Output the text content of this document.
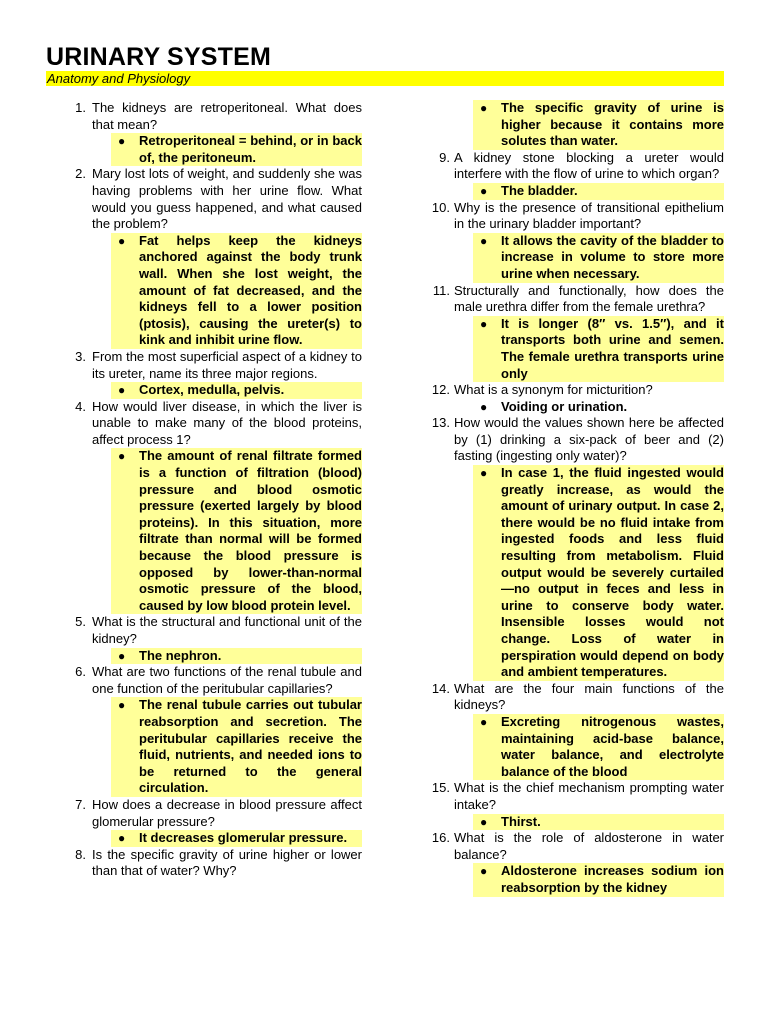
URINARY SYSTEM
Anatomy and Physiology
1. The kidneys are retroperitoneal. What does that mean?
● Retroperitoneal = behind, or in back of, the peritoneum.
2. Mary lost lots of weight, and suddenly she was having problems with her urine flow. What would you guess happened, and what caused the problem?
● Fat helps keep the kidneys anchored against the body trunk wall. When she lost weight, the amount of fat decreased, and the kidneys fell to a lower position (ptosis), causing the ureter(s) to kink and inhibit urine flow.
3. From the most superficial aspect of a kidney to its ureter, name its three major regions.
● Cortex, medulla, pelvis.
4. How would liver disease, in which the liver is unable to make many of the blood proteins, affect process 1?
● The amount of renal filtrate formed is a function of filtration (blood) pressure and blood osmotic pressure (exerted largely by blood proteins). In this situation, more filtrate than normal will be formed because the blood pressure is opposed by lower-than-normal osmotic pressure of the blood, caused by low blood protein level.
5. What is the structural and functional unit of the kidney?
● The nephron.
6. What are two functions of the renal tubule and one function of the peritubular capillaries?
● The renal tubule carries out tubular reabsorption and secretion. The peritubular capillaries receive the fluid, nutrients, and needed ions to be returned to the general circulation.
7. How does a decrease in blood pressure affect glomerular pressure?
● It decreases glomerular pressure.
8. Is the specific gravity of urine higher or lower than that of water? Why?
● The specific gravity of urine is higher because it contains more solutes than water.
9. A kidney stone blocking a ureter would interfere with the flow of urine to which organ?
● The bladder.
10. Why is the presence of transitional epithelium in the urinary bladder important?
● It allows the cavity of the bladder to increase in volume to store more urine when necessary.
11. Structurally and functionally, how does the male urethra differ from the female urethra?
● It is longer (8″ vs. 1.5″), and it transports both urine and semen. The female urethra transports urine only
12. What is a synonym for micturition?
● Voiding or urination.
13. How would the values shown here be affected by (1) drinking a six-pack of beer and (2) fasting (ingesting only water)?
● In case 1, the fluid ingested would greatly increase, as would the amount of urinary output. In case 2, there would be no fluid intake from ingested foods and less fluid resulting from metabolism. Fluid output would be severely curtailed—no output in feces and less in urine to conserve body water. Insensible losses would not change. Loss of water in perspiration would depend on body and ambient temperatures.
14. What are the four main functions of the kidneys?
● Excreting nitrogenous wastes, maintaining acid-base balance, water balance, and electrolyte balance of the blood
15. What is the chief mechanism prompting water intake?
● Thirst.
16. What is the role of aldosterone in water balance?
● Aldosterone increases sodium ion reabsorption by the kidney
